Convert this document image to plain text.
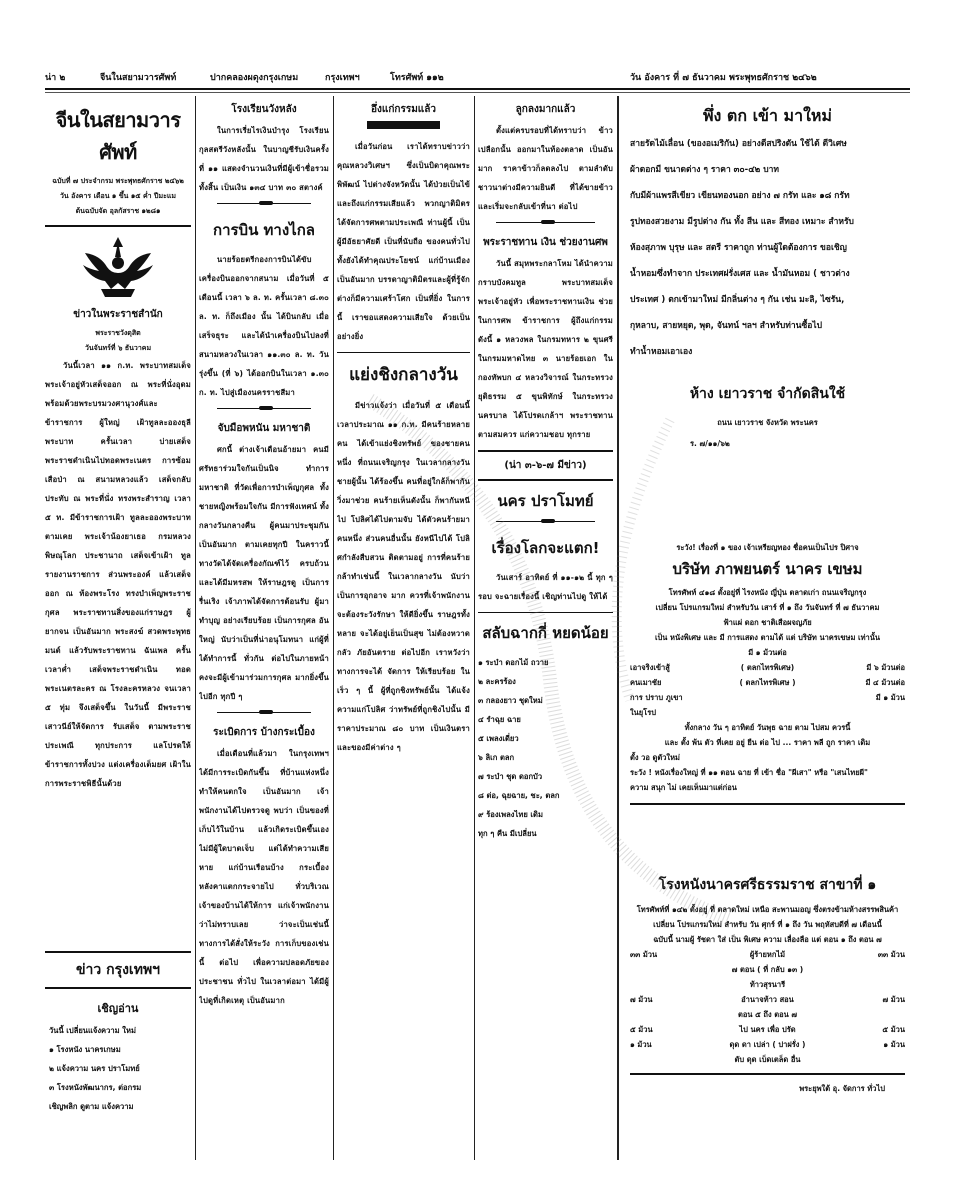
น่า ๒	จีนในสยามวารศัพท์	ปากคลองผดุงกรุงเกษม	กรุงเทพฯ	โทรศัพท์ ๑๑๒	วัน อังคาร ที่ ๗ ธันวาคม พระพุทธศักราช ๒๔๖๒
จีนในสยามวารศัพท์
ฉบับที่ ๗ ประจำกรม พระพุทธศักราช ๒๔๖๒
วัน อังคาร เดือน ๑ ขึ้น ๑๕ ค่ำ ปีมะแม
ต้นฉบับจัด อุลกัสราช ๑๒๘๑
ข่าวในพระราชสำนัก
พระราชวังดุสิต
วันจันทร์ที่ ๖ ธันวาคม
วันนี้เวลา ๑๑ ก.ท. พระบาทสมเด็จ พระเจ้าอยู่หัวเสด็จออก ณ พระที่นั่งอุดม พร้อมด้วยพระบรมวงศานุวงศ์และข้าราชการ ผู้ใหญ่ เฝ้าทูลละอองธุลีพระบาท ครั้นเวลา บ่ายเสด็จพระราชดำเนินไปทอดพระเนตร การซ้อมเสือป่า ณ สนามหลวงแล้ว เสด็จกลับ ประทับ ณ พระที่นั่ง ทรงพระสำราญ เวลา ๕ ท. มีข้าราชการเฝ้า ทูลละอองพระบาท ตามเคย พระเจ้าน้องยาเธอ กรมหลวงพิษณุโลก ประชานาถ เสด็จเข้าเฝ้า ทูลรายงานราชการ ส่วนพระองค์ แล้วเสด็จออก ณ ท้องพระโรง ทรงบำเพ็ญพระราชกุศล พระราชทานสิ่งของแก่ราษฎร ผู้ยากจน เป็นอันมาก พระสงฆ์ สวดพระพุทธมนต์ แล้วรับพระราชทาน ฉันเพล ครั้นเวลาค่ำ เสด็จพระราชดำเนิน ทอดพระเนตรละคร ณ โรงละครหลวง จนเวลา ๕ ทุ่ม จึงเสด็จขึ้น ในวันนี้ มีพระราชเสาวนีย์ให้จัดการ รับเสด็จ ตามพระราชประเพณี ทุกประการ แลโปรดให้ ข้าราชการทั้งปวง แต่งเครื่องเต็มยศ เฝ้าในการพระราชพิธีนั้นด้วย
ข่าว กรุงเทพฯ
เชิญอ่าน
วันนี้ เปลี่ยนแจ้งความ ใหม่
๑ โรงหนัง นาครเกษม
๒ แจ้งความ นคร ปราโมทย์
๓ โรงหนังพัฒนากร, ต่อกรม
เชิญพลิก ดูตาม แจ้งความ
โรงเรียนวังหลัง
ในการเรี่ยไรเงินบำรุง โรงเรียนกุลสตรีวังหลังนั้น ในบาญชีรับเงินครั้งที่ ๑๑ แสดงจำนวนเงินที่มีผู้เข้าชื่อรวมทั้งสิ้น เป็นเงิน ๑๓๔ บาท ๓๐ สตางค์
การบิน ทางไกล
นายร้อยตรีกองการบินได้ขับเครื่องบินออกจากสนาม เมื่อวันที่ ๕ เดือนนี้ เวลา ๖ ล. ท. ครั้นเวลา ๘.๓๐ ล. ท. ก็ถึงเมือง นั้น ได้บินกลับ เมื่อเสร็จธุระ และได้นำเครื่องบินไปลงที่สนามหลวงในเวลา ๑๑.๓๐ ล. ท. วันรุ่งขึ้น (ที่ ๖) ได้ออกบินในเวลา ๑.๓๐ ก. ท. ไปสู่เมืองนครราชสีมา
จับมือพหนัน มหาชาติ
ศกนี้ ต่างเจ้าเดือนอ้ายมา คนมีศรัทธาร่วมใจกันเป็นนิจ ทำการมหาชาติ ที่วัดเพื่อการบำเพ็ญกุศล ทั้งชายหญิงพร้อมใจกัน มีการฟังเทศน์ ทั้งกลางวันกลางคืน ผู้คนมาประชุมกันเป็นอันมาก ตามเคยทุกปี ในคราวนี้ ทางวัดได้จัดเครื่องกัณฑ์ไว้ ครบถ้วน และได้มีมหรสพ ให้ราษฎรดู เป็นการรื่นเริง เจ้าภาพได้จัดการต้อนรับ ผู้มาทำบุญ อย่างเรียบร้อย เป็นการกุศล อันใหญ่ นับว่าเป็นที่น่าอนุโมทนา แก่ผู้ที่ได้ทำการนี้ ทั่วกัน ต่อไปในภายหน้า คงจะมีผู้เข้ามาร่วมการกุศล มากยิ่งขึ้นไปอีก ทุกปี ๆ
ระเบิดการ บ้างกระเบื้อง
เมื่อเดือนที่แล้วมา ในกรุงเทพฯ ได้มีการระเบิดกันขึ้น ที่บ้านแห่งหนึ่ง ทำให้คนตกใจ เป็นอันมาก เจ้าพนักงานได้ไปตรวจดู พบว่า เป็นของที่เก็บไว้ในบ้าน แล้วเกิดระเบิดขึ้นเอง ไม่มีผู้ใดบาดเจ็บ แต่ได้ทำความเสียหาย แก่บ้านเรือนบ้าง กระเบื้อง หลังคาแตกกระจายไป ทั่วบริเวณ เจ้าของบ้านได้ให้การ แก่เจ้าพนักงาน ว่าไม่ทราบเลย ว่าจะเป็นเช่นนี้ ทางการได้สั่งให้ระวัง การเก็บของเช่นนี้ ต่อไป เพื่อความปลอดภัยของ ประชาชน ทั่วไป ในเวลาต่อมา ได้มีผู้ไปดูที่เกิดเหตุ เป็นอันมาก
อึ่งแก่กรรมแล้ว
เมื่อวันก่อน เราได้ทราบข่าวว่า คุณหลวงวิเศษฯ ซึ่งเป็นบิดาคุณพระพิพัฒน์ ไปต่างจังหวัดนั้น ได้ป่วยเป็นไข้ และถึงแก่กรรมเสียแล้ว พวกญาติมิตร ได้จัดการศพตามประเพณี ท่านผู้นี้ เป็นผู้มีอัธยาศัยดี เป็นที่นับถือ ของคนทั่วไป ทั้งยังได้ทำคุณประโยชน์ แก่บ้านเมืองเป็นอันมาก บรรดาญาติมิตรและผู้ที่รู้จักต่างก็มีความเศร้าโศก เป็นที่ยิ่ง ในการนี้ เราขอแสดงความเสียใจ ด้วยเป็นอย่างยิ่ง
แย่งชิงกลางวัน
มีข่าวแจ้งว่า เมื่อวันที่ ๕ เดือนนี้ เวลาประมาณ ๑๑ ก.ท. มีคนร้ายหลายคน ได้เข้าแย่งชิงทรัพย์ ของชายคนหนึ่ง ที่ถนนเจริญกรุง ในเวลากลางวัน ชายผู้นั้น ได้ร้องขึ้น คนที่อยู่ใกล้ก็พากันวิ่งมาช่วย คนร้ายเห็นดังนั้น ก็พากันหนีไป โปลิศได้ไปตามจับ ได้ตัวคนร้ายมาคนหนึ่ง ส่วนคนอื่นนั้น ยังหนีไปได้ โปลิศกำลังสืบสวน ติดตามอยู่ การที่คนร้ายกล้าทำเช่นนี้ ในเวลากลางวัน นับว่าเป็นการอุกอาจ มาก ควรที่เจ้าพนักงาน จะต้องระวังรักษา ให้ดียิ่งขึ้น ราษฎรทั้งหลาย จะได้อยู่เย็นเป็นสุข ไม่ต้องหวาดกลัว ภัยอันตราย ต่อไปอีก เราหวังว่า ทางการจะได้ จัดการ ให้เรียบร้อย ในเร็ว ๆ นี้ ผู้ที่ถูกชิงทรัพย์นั้น ได้แจ้งความแก่โปลิศ ว่าทรัพย์ที่ถูกชิงไปนั้น มีราคาประมาณ ๘๐ บาท เป็นเงินตรา และของมีค่าต่าง ๆ
ลูกลงมากแล้ว
ตั้งแต่ครบรอบที่ได้ทราบว่า ข้าวเปลือกนั้น ออกมาในท้องตลาด เป็นอันมาก ราคาข้าวก็ลดลงไป ตามลำดับ ชาวนาต่างมีความยินดี ที่ได้ขายข้าว และเริ่มจะกลับเข้าที่นา ต่อไป
พระราชทาน เงิน ช่วยงานศพ
วันนี้ สมุหพระกลาโหม ได้นำความกราบบังคมทูล พระบาทสมเด็จพระเจ้าอยู่หัว เพื่อพระราชทานเงิน ช่วยในการศพ ข้าราชการ ผู้ถึงแก่กรรม ดังนี้ ๑ หลวงพล ในกรมทหาร ๒ ขุนศรี ในกรมมหาดไทย ๓ นายร้อยเอก ในกองทัพบก ๔ หลวงวิจารณ์ ในกระทรวงยุติธรรม ๕ ขุนพิทักษ์ ในกระทรวงนครบาล ได้โปรดเกล้าฯ พระราชทาน ตามสมควร แก่ความชอบ ทุกราย
(น่า ๓-๖-๗ มีข่าว)
นคร ปราโมทย์
เรื่องโลกจะแตก!
วันเสาร์ อาทิตย์ ที่ ๑๑-๑๒ นี้ ทุก ๆ รอบ จะฉายเรื่องนี้ เชิญท่านไปดู ให้ได้
สลับฉากกี่ หยดน้อย
๑ ระบำ ดอกไม้ ถวาย
๒ ละครร้อง
๓ กลองยาว ชุดใหม่
๔ รำฉุย ฉาย
๕ เพลงเดี่ยว
๖ ลิเก ตลก
๗ ระบำ ชุด ดอกบัว
๘ ต่อ, ฉุยฉาย, ชะ, ตลก
๙ ร้องเพลงไทย เดิม
ทุก ๆ คืน มีเปลี่ยน
พึ่ง ตก เข้า มาใหม่
สายรัดไม้เลื่อน (ของอเมริกัน) อย่างดีสปริงดัน ใช้ได้ ดีวิเศษ
ผ้าดอกมี ขนาดต่าง ๆ ราคา ๓๐-๔๒ บาท
กับมีผ้าแพรสีเขียว เขียนทองนอก อย่าง ๗ กรัท และ ๑๘ กรัท
รูปทองสวยงาม มีรูปต่าง กัน ทั้ง สีน และ สีทอง เหมาะ สำหรับ
ห้องสุภาพ บุรุษ และ สตรี ราคาถูก ท่านผู้ใดต้องการ ขอเชิญ
น้ำหอมซึ่งทำจาก ประเทศฝรั่งเศส และ น้ำมันหอม ( ชาวต่าง
ประเทศ ) ตกเข้ามาใหม่ มีกลิ่นต่าง ๆ กัน เช่น มะลิ, ไซรัน,
กุหลาบ, สายหยุด, พุด, จันทน์ ฯลฯ สำหรับท่านซื้อไป
ทำน้ำหอมเอาเอง
ห้าง เยาวราช จำกัดสินใช้
ถนน เยาวราช จังหวัด พระนคร
ร. ๗/๑๑/๖๒
ระวัง! เรื่องที่ ๑ ของ เจ้าเหรียญทอง ชื่อคนเป็นไปร ปิศาจ
บริษัท ภาพยนตร์ นาคร เขษม
โทรศัพท์ ๔๑๘ ตั้งอยู่ที่ ไรงหนัง ญี่ปุ่น ตลาดเก่า ถนนเจริญกรุง
เปลี่ยน โปรแกรมใหม่ สำหรับวัน เสาร์ ที่ ๑ ถึง วันจันทร์ ที่ ๗ ธันวาคม
ฟ้าแผ่ ดอก ชาติเสือผจญภัย
เป็น หนังพิเศษ และ มี การแสดง ตามได้ แต่ บริษัท นาครเขษม เท่านั้น
มี ๑ ม้วนต่อ
เอาจริงเข้าสู้	( ตลกไทรพิเศษ)	มี ๖ ม้วนต่อ
คนเมาชัย	( ตลกไทรพิเศษ )	มี ๔ ม้วนต่อ
การ ปราบ ภูเขา ในยุโรป
มี ๑ ม้วน
ทั้งกลาง วัน ๆ อาทิตย์ วันพุธ ฉาย ตาม ไปสม ควรนี้
และ ตั้ง พ้น ตัว ที่เคย อยู่ ยืน ต่อ ไป ... ราคา พลี ถูก ราคา เดิม
ตั้ง วอ ดูตัวใหม่
ระวัง ! หนังเรื่องใหญ่ ที่ ๑๑ ตอน ฉาย ที่ เข้า ชื่อ "ผีเสา" หรือ "เสนไทยผี"
ความ สนุก ไม่ เคยเห็นมาแต่ก่อน
โรงหนังนาครศรีธรรมราช สาขาที่ ๑
โทรศัพท์ที่ ๑๔๒ ตั้งอยู่ ที่ ตลาดใหม่ เหนือ สะพานมอญ ซึ่งตรงข้ามห้างสรรพสินค้า
เปลี่ยน โปรแกรมใหม่ สำหรับ วัน ศุกร์ ที่ ๑ ถึง วัน พฤหัสบดีที่ ๗ เดือนนี้
ฉบับนี้ นามผู้ รัชดา ใส่ เป็น พิเศษ ความ เลื่องลือ แต่ ตอน ๑ ถึง ตอน ๗
๓๓ ม้วน	ผู้ร้ายหกไม้	๓๓ ม้วน
๗ ตอน ( ที่ กลับ ๑๓ )
ท้าวสุรนารี
๗ ม้วน	อำนาจท้าว สอน	๗ ม้วน
ตอน ๕ ถึง ตอน ๗
๕ ม้วน	ไป นคร เพื่อ ปรัด	๕ ม้วน
๑ ม้วน	ดุด ดา เปล่า ( ปาฝรั่ง )	๑ ม้วน
ตับ ดุด เบ็ดเตล็ด อื่น
พระยุพใต้ อุ. จัดการ ทั่วไป
